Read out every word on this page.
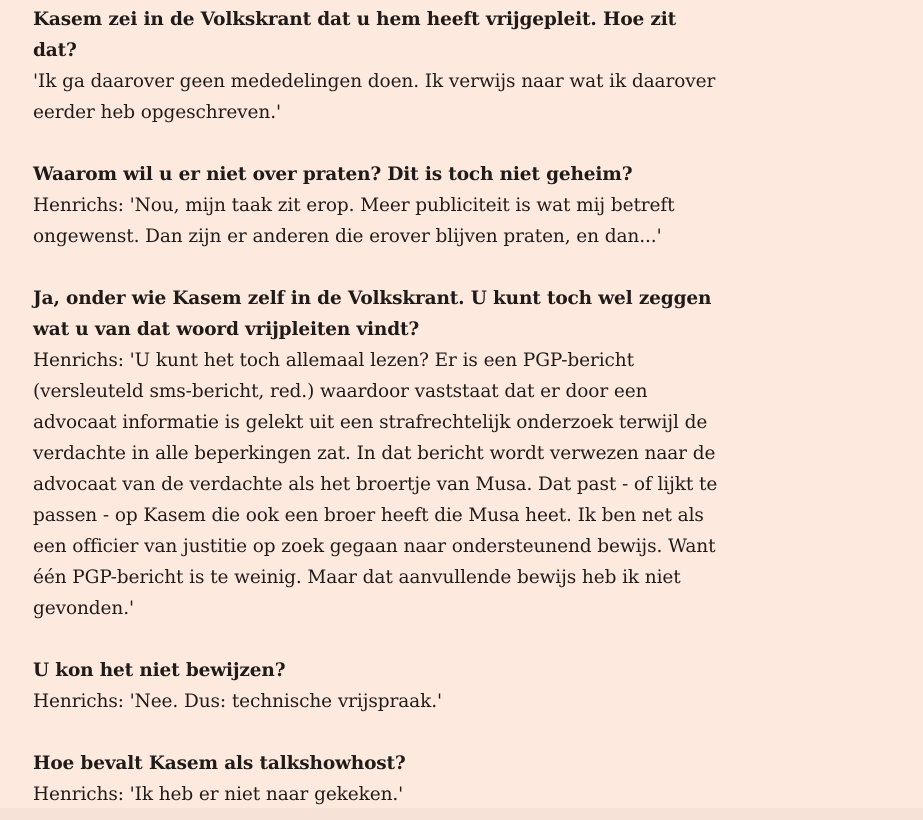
Kasem zei in de Volkskrant dat u hem heeft vrijgepleit. Hoe zit dat?

'Ik ga daarover geen mededelingen doen. Ik verwijs naar wat ik daarover eerder heb opgeschreven.'

Waarom wil u er niet over praten? Dit is toch niet geheim?

Henrichs: 'Nou, mijn taak zit erop. Meer publiciteit is wat mij betreft ongewenst. Dan zijn er anderen die erover blijven praten, en dan...'

Ja, onder wie Kasem zelf in de Volkskrant. U kunt toch wel zeggen wat u van dat woord vrijpleiten vindt?

Henrichs: 'U kunt het toch allemaal lezen? Er is een PGP-bericht (versleuteld sms-bericht, red.) waardoor vaststaat dat er door een advocaat informatie is gelekt uit een strafrechtelijk onderzoek terwijl de verdachte in alle beperkingen zat. In dat bericht wordt verwezen naar de advocaat van de verdachte als het broertje van Musa. Dat past - of lijkt te passen - op Kasem die ook een broer heeft die Musa heet. Ik ben net als een officier van justitie op zoek gegaan naar ondersteunend bewijs. Want één PGP-bericht is te weinig. Maar dat aanvullende bewijs heb ik niet gevonden.'

U kon het niet bewijzen?

Henrichs: 'Nee. Dus: technische vrijspraak.'

Hoe bevalt Kasem als talkshowhost?

Henrichs: 'Ik heb er niet naar gekeken.'
